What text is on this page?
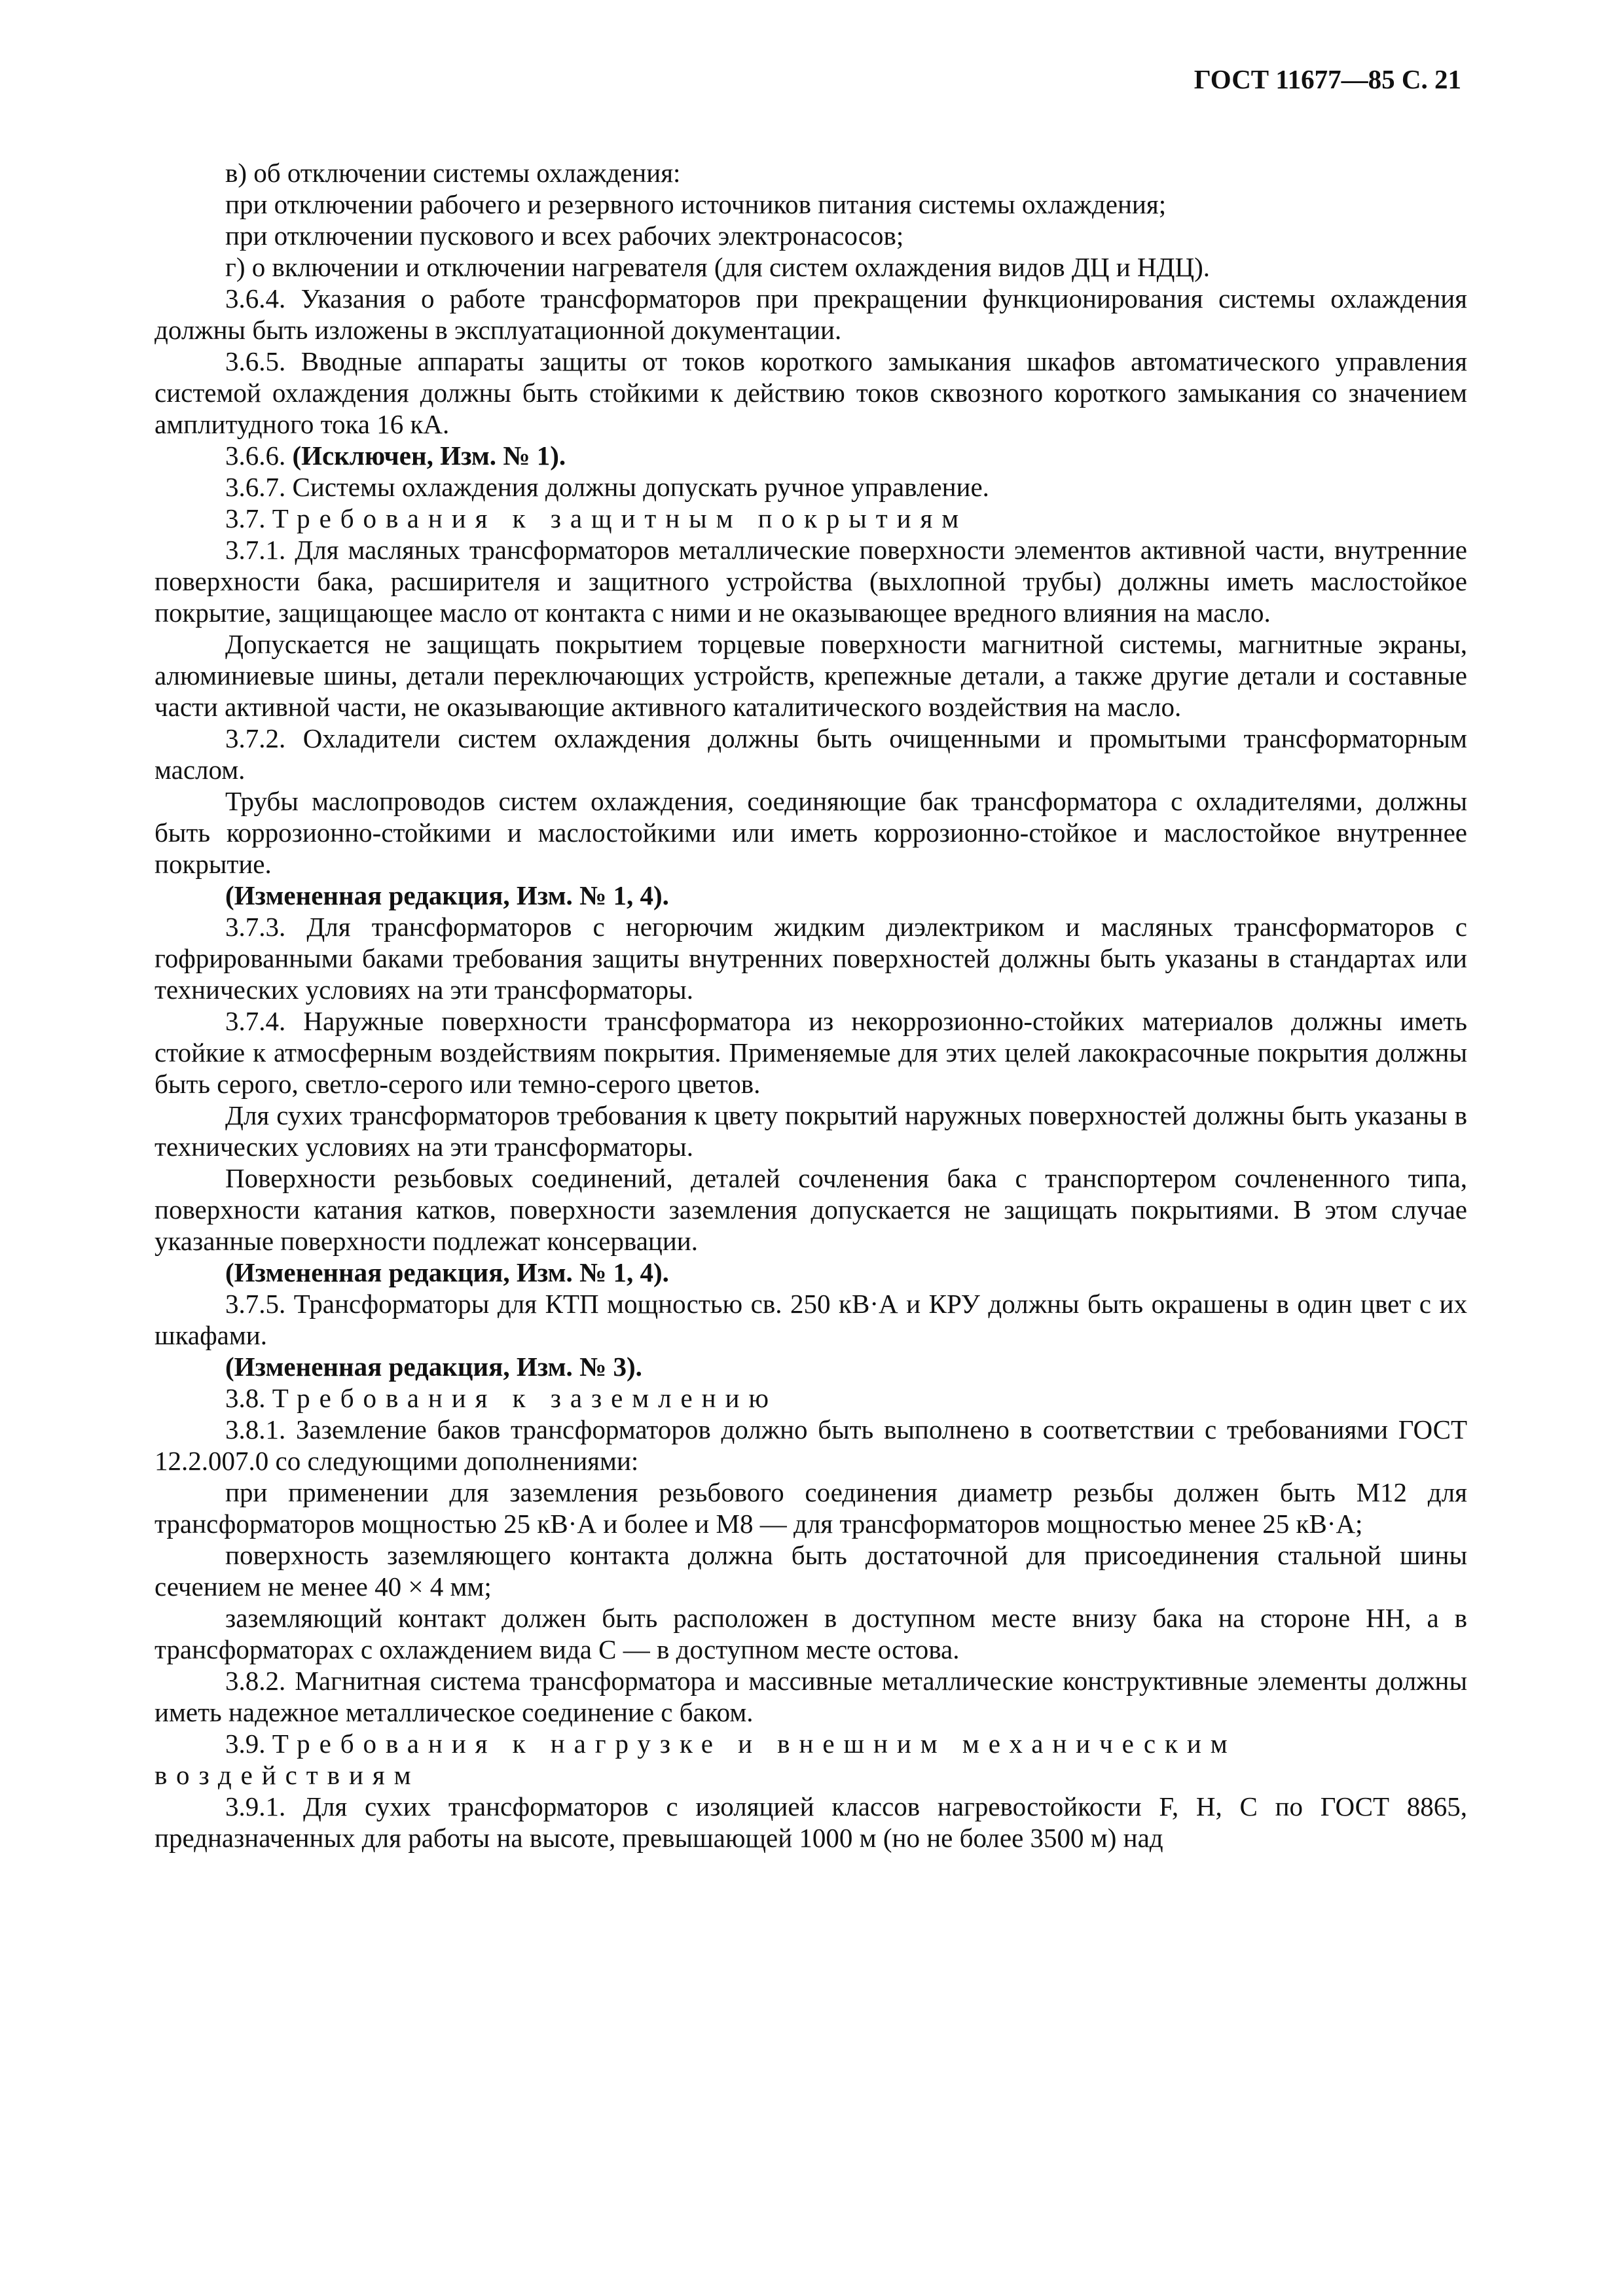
ГОСТ 11677—85 С. 21

в) об отключении системы охлаждения:

при отключении рабочего и резервного источников питания системы охлаждения;

при отключении пускового и всех рабочих электронасосов;

г) о включении и отключении нагревателя (для систем охлаждения видов ДЦ и НДЦ).

3.6.4. Указания о работе трансформаторов при прекращении функционирования системы охлаждения должны быть изложены в эксплуатационной документации.

3.6.5. Вводные аппараты защиты от токов короткого замыкания шкафов автоматического управления системой охлаждения должны быть стойкими к действию токов сквозного короткого замыкания со значением амплитудного тока 16 кА.

3.6.6. (Исключен, Изм. № 1).

3.6.7. Системы охлаждения должны допускать ручное управление.

3.7. Требования к защитным покрытиям

3.7.1. Для масляных трансформаторов металлические поверхности элементов активной части, внутренние поверхности бака, расширителя и защитного устройства (выхлопной трубы) должны иметь маслостойкое покрытие, защищающее масло от контакта с ними и не оказывающее вредного влияния на масло.

Допускается не защищать покрытием торцевые поверхности магнитной системы, магнитные экраны, алюминиевые шины, детали переключающих устройств, крепежные детали, а также другие детали и составные части активной части, не оказывающие активного каталитического воздействия на масло.

3.7.2. Охладители систем охлаждения должны быть очищенными и промытыми трансформаторным маслом.

Трубы маслопроводов систем охлаждения, соединяющие бак трансформатора с охладителями, должны быть коррозионно-стойкими и маслостойкими или иметь коррозионно-стойкое и маслостойкое внутреннее покрытие.

(Измененная редакция, Изм. № 1, 4).

3.7.3. Для трансформаторов с негорючим жидким диэлектриком и масляных трансформаторов с гофрированными баками требования защиты внутренних поверхностей должны быть указаны в стандартах или технических условиях на эти трансформаторы.

3.7.4. Наружные поверхности трансформатора из некоррозионно-стойких материалов должны иметь стойкие к атмосферным воздействиям покрытия. Применяемые для этих целей лакокрасочные покрытия должны быть серого, светло-серого или темно-серого цветов.

Для сухих трансформаторов требования к цвету покрытий наружных поверхностей должны быть указаны в технических условиях на эти трансформаторы.

Поверхности резьбовых соединений, деталей сочленения бака с транспортером сочлененного типа, поверхности катания катков, поверхности заземления допускается не защищать покрытиями. В этом случае указанные поверхности подлежат консервации.

(Измененная редакция, Изм. № 1, 4).

3.7.5. Трансформаторы для КТП мощностью св. 250 кВ·А и КРУ должны быть окрашены в один цвет с их шкафами.

(Измененная редакция, Изм. № 3).

3.8. Требования к заземлению

3.8.1. Заземление баков трансформаторов должно быть выполнено в соответствии с требованиями ГОСТ 12.2.007.0 со следующими дополнениями:

при применении для заземления резьбового соединения диаметр резьбы должен быть М12 для трансформаторов мощностью 25 кВ·А и более и М8 — для трансформаторов мощностью менее 25 кВ·А;

поверхность заземляющего контакта должна быть достаточной для присоединения стальной шины сечением не менее 40 × 4 мм;

заземляющий контакт должен быть расположен в доступном месте внизу бака на стороне НН, а в трансформаторах с охлаждением вида С — в доступном месте остова.

3.8.2. Магнитная система трансформатора и массивные металлические конструктивные элементы должны иметь надежное металлическое соединение с баком.

3.9. Требования к нагрузке и внешним механическим воздействиям

3.9.1. Для сухих трансформаторов с изоляцией классов нагревостойкости F, H, C по ГОСТ 8865, предназначенных для работы на высоте, превышающей 1000 м (но не более 3500 м) над
